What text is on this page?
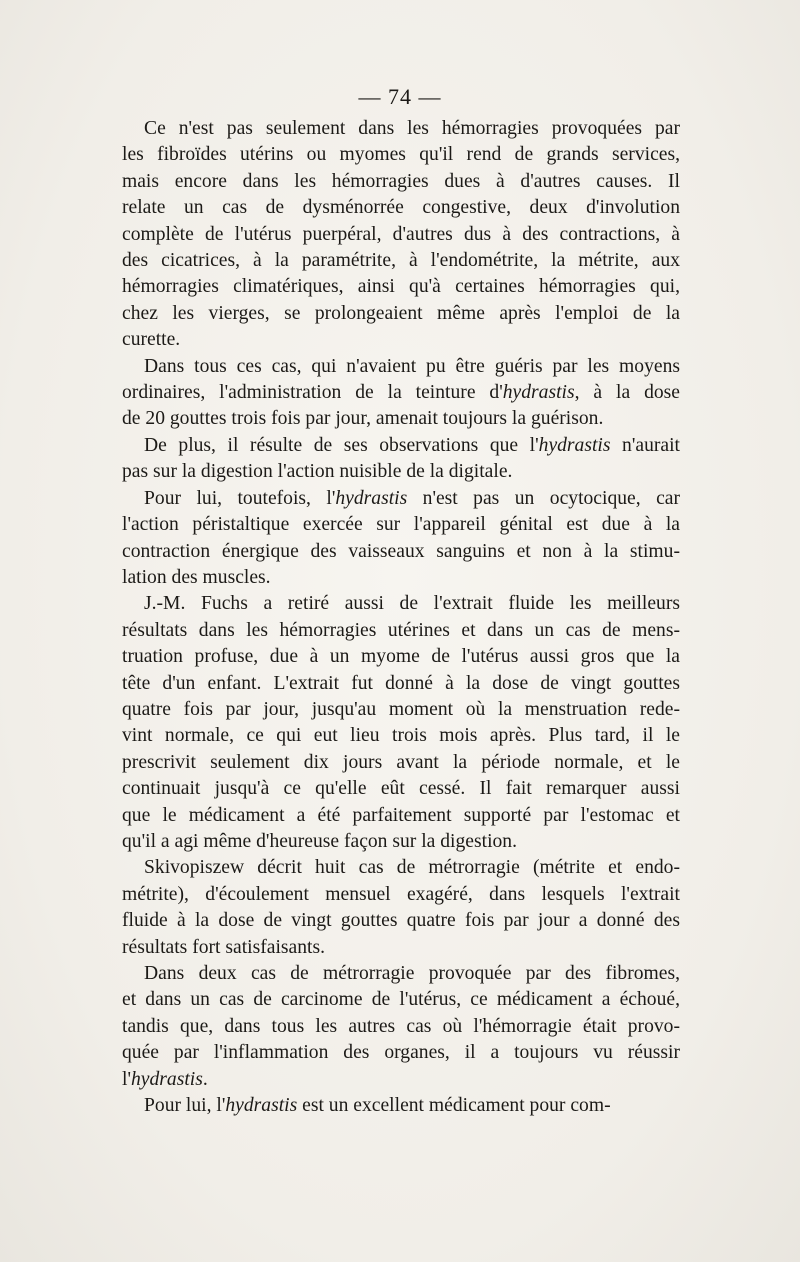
— 74 —
Ce n'est pas seulement dans les hémorragies provoquées par
les fibroïdes utérins ou myomes qu'il rend de grands services,
mais encore dans les hémorragies dues à d'autres causes. Il
relate un cas de dysménorrée congestive, deux d'involution
complète de l'utérus puerpéral, d'autres dus à des contractions, à
des cicatrices, à la paramétrite, à l'endométrite, la métrite, aux
hémorragies climatériques, ainsi qu'à certaines hémorragies qui,
chez les vierges, se prolongeaient même après l'emploi de la
curette.
Dans tous ces cas, qui n'avaient pu être guéris par les moyens
ordinaires, l'administration de la teinture d'hydrastis, à la dose
de 20 gouttes trois fois par jour, amenait toujours la guérison.
De plus, il résulte de ses observations que l'hydrastis n'aurait
pas sur la digestion l'action nuisible de la digitale.
Pour lui, toutefois, l'hydrastis n'est pas un ocytocique, car
l'action péristaltique exercée sur l'appareil génital est due à la
contraction énergique des vaisseaux sanguins et non à la stimu-
lation des muscles.
J.-M. Fuchs a retiré aussi de l'extrait fluide les meilleurs
résultats dans les hémorragies utérines et dans un cas de mens-
truation profuse, due à un myome de l'utérus aussi gros que la
tête d'un enfant. L'extrait fut donné à la dose de vingt gouttes
quatre fois par jour, jusqu'au moment où la menstruation rede-
vint normale, ce qui eut lieu trois mois après. Plus tard, il le
prescrivit seulement dix jours avant la période normale, et le
continuait jusqu'à ce qu'elle eût cessé. Il fait remarquer aussi
que le médicament a été parfaitement supporté par l'estomac et
qu'il a agi même d'heureuse façon sur la digestion.
Skivopiszew décrit huit cas de métrorragie (métrite et endo-
métrite), d'écoulement mensuel exagéré, dans lesquels l'extrait
fluide à la dose de vingt gouttes quatre fois par jour a donné des
résultats fort satisfaisants.
Dans deux cas de métrorragie provoquée par des fibromes,
et dans un cas de carcinome de l'utérus, ce médicament a échoué,
tandis que, dans tous les autres cas où l'hémorragie était provo-
quée par l'inflammation des organes, il a toujours vu réussir
l'hydrastis.
Pour lui, l'hydrastis est un excellent médicament pour com-
